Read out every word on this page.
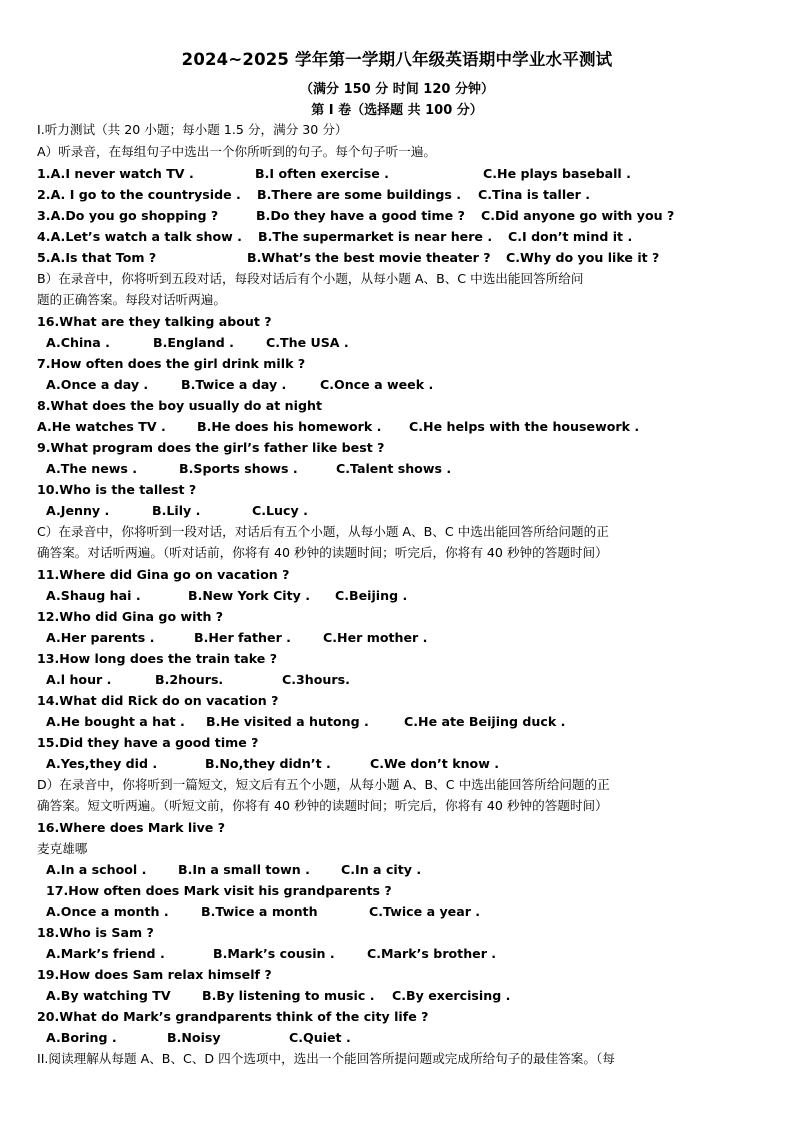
2024~2025 学年第一学期八年级英语期中学业水平测试
（满分 150 分 时间 120 分钟）
第 I 卷（选择题 共 100 分）
I.听力测试（共 20 小题；每小题 1.5 分，满分 30 分）
A）听录音，在每组句子中选出一个你所听到的句子。每个句子听一遍。
1.A.I never watch TV .	B.I often exercise .	C.He plays baseball .
2.A. I go to the countryside . B.There are some buildings . C.Tina is taller .
3.A.Do you go shopping ?	B.Do they have a good time ? C.Did anyone go with you ?
4.A.Let’s watch a talk show . B.The supermarket is near here . C.I don’t mind it .
5.A.Is that Tom ?	B.What’s the best movie theater ? C.Why do you like it ?
B）在录音中，你将听到五段对话，每段对话后有个小题，从每小题 A、B、C 中选出能回答所给问
题的正确答案。每段对话听两遍。
16.What are they talking about ?
A.China .	B.England .	C.The USA .
7.How often does the girl drink milk ?
A.Once a day .	B.Twice a day .	C.Once a week .
8.What does the boy usually do at night
A.He watches TV . B.He does his homework . C.He helps with the housework .
9.What program does the girl’s father like best ?
A.The news .	B.Sports shows .	C.Talent shows .
10.Who is the tallest ?
A.Jenny .	B.Lily .	C.Lucy .
C）在录音中，你将听到一段对话，对话后有五个小题，从每小题 A、B、C 中选出能回答所给问题的正
确答案。对话听两遍。（听对话前，你将有 40 秒钟的读题时间；听完后，你将有 40 秒钟的答题时间）
11.Where did Gina go on vacation ?
A.Shaug hai .	B.New York City . C.Beijing .
12.Who did Gina go with ?
A.Her parents .	B.Her father .	C.Her mother .
13.How long does the train take ?
A.l hour .	B.2hours.	C.3hours.
14.What did Rick do on vacation ?
A.He bought a hat . B.He visited a hutong .	C.He ate Beijing duck .
15.Did they have a good time ?
A.Yes,they did .	B.No,they didn’t .	C.We don’t know .
D）在录音中，你将听到一篇短文，短文后有五个小题，从每小题 A、B、C 中选出能回答所给问题的正
确答案。短文听两遍。（听短文前，你将有 40 秒钟的读题时间；听完后，你将有 40 秒钟的答题时间）
16.Where does Mark live ?
麦克雄哪
A.In a school .	B.In a small town . C.In a city .
17.How often does Mark visit his grandparents ?
A.Once a month .	B.Twice a month	C.Twice a year .
18.Who is Sam ?
A.Mark’s friend .	B.Mark’s cousin .	C.Mark’s brother .
19.How does Sam relax himself ?
A.By watching TV B.By listening to music . C.By exercising .
20.What do Mark’s grandparents think of the city life ?
A.Boring .	B.Noisy	C.Quiet .
II.阅读理解从每题 A、B、C、D 四个选项中，选出一个能回答所提问题或完成所给句子的最佳答案。（每
